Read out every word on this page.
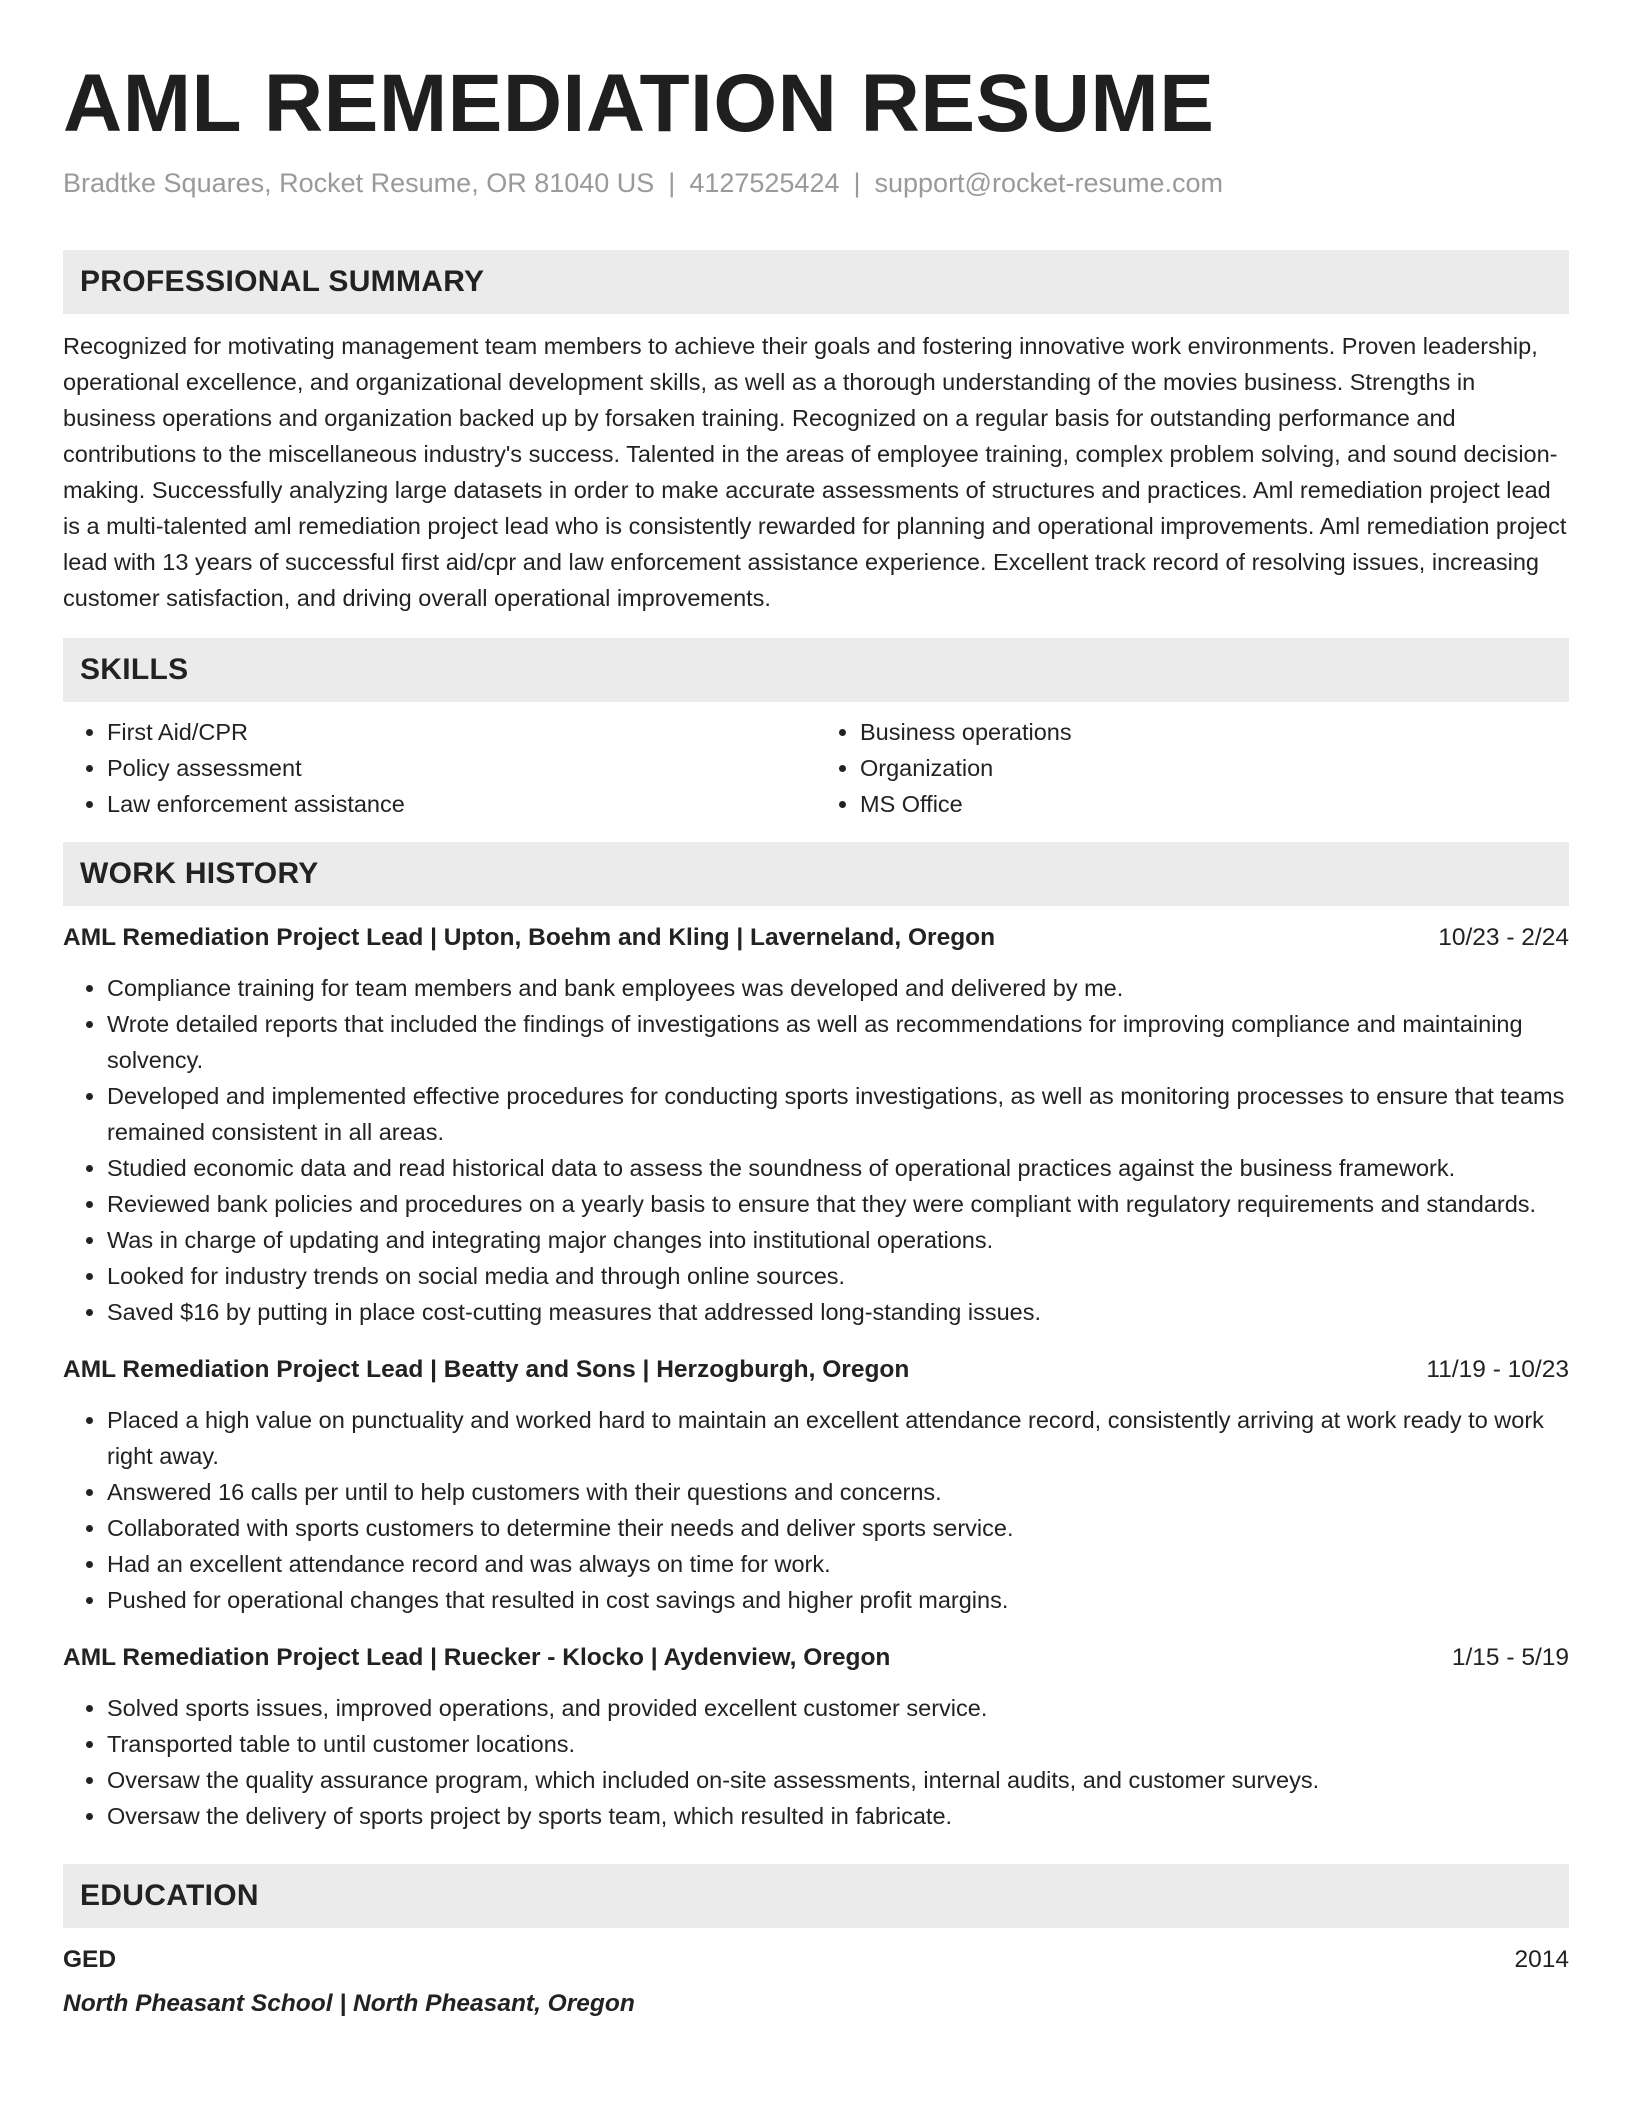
AML REMEDIATION RESUME
Bradtke Squares, Rocket Resume, OR 81040 US | 4127525424 | support@rocket-resume.com
PROFESSIONAL SUMMARY

Recognized for motivating management team members to achieve their goals and fostering innovative work environments. Proven leadership, operational excellence, and organizational development skills, as well as a thorough understanding of the movies business. Strengths in business operations and organization backed up by forsaken training. Recognized on a regular basis for outstanding performance and contributions to the miscellaneous industry's success. Talented in the areas of employee training, complex problem solving, and sound decision-making. Successfully analyzing large datasets in order to make accurate assessments of structures and practices. Aml remediation project lead is a multi-talented aml remediation project lead who is consistently rewarded for planning and operational improvements. Aml remediation project lead with 13 years of successful first aid/cpr and law enforcement assistance experience. Excellent track record of resolving issues, increasing customer satisfaction, and driving overall operational improvements.

SKILLS
• First Aid/CPR
• Policy assessment
• Law enforcement assistance
• Business operations
• Organization
• MS Office
WORK HISTORY
AML Remediation Project Lead | Upton, Boehm and Kling | Laverneland, Oregon	10/23 - 2/24
• Compliance training for team members and bank employees was developed and delivered by me.
• Wrote detailed reports that included the findings of investigations as well as recommendations for improving compliance and maintaining solvency.
• Developed and implemented effective procedures for conducting sports investigations, as well as monitoring processes to ensure that teams remained consistent in all areas.
• Studied economic data and read historical data to assess the soundness of operational practices against the business framework.
• Reviewed bank policies and procedures on a yearly basis to ensure that they were compliant with regulatory requirements and standards.
• Was in charge of updating and integrating major changes into institutional operations.
• Looked for industry trends on social media and through online sources.
• Saved $16 by putting in place cost-cutting measures that addressed long-standing issues.
AML Remediation Project Lead | Beatty and Sons | Herzogburgh, Oregon	11/19 - 10/23
• Placed a high value on punctuality and worked hard to maintain an excellent attendance record, consistently arriving at work ready to work right away.
• Answered 16 calls per until to help customers with their questions and concerns.
• Collaborated with sports customers to determine their needs and deliver sports service.
• Had an excellent attendance record and was always on time for work.
• Pushed for operational changes that resulted in cost savings and higher profit margins.
AML Remediation Project Lead | Ruecker - Klocko | Aydenview, Oregon	1/15 - 5/19
• Solved sports issues, improved operations, and provided excellent customer service.
• Transported table to until customer locations.
• Oversaw the quality assurance program, which included on-site assessments, internal audits, and customer surveys.
• Oversaw the delivery of sports project by sports team, which resulted in fabricate.
EDUCATION
GED	2014
North Pheasant School | North Pheasant, Oregon
